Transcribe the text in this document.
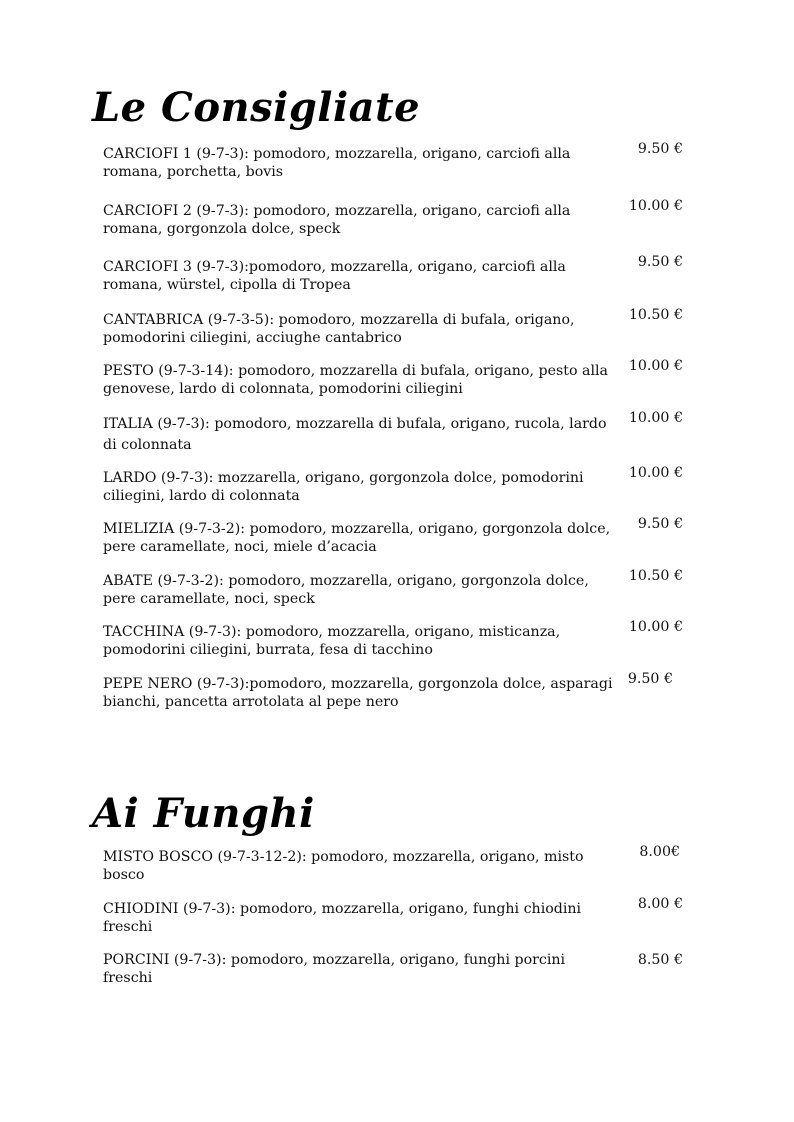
Le Consigliate
CARCIOFI 1 (9-7-3): pomodoro, mozzarella, origano, carciofi alla romana, porchetta, bovis
9.50 €
CARCIOFI 2 (9-7-3): pomodoro, mozzarella, origano, carciofi alla romana, gorgonzola dolce, speck
10.00 €
CARCIOFI 3 (9-7-3):pomodoro, mozzarella, origano, carciofi alla romana, würstel, cipolla di Tropea
9.50 €
CANTABRICA (9-7-3-5): pomodoro, mozzarella di bufala, origano, pomodorini ciliegini, acciughe cantabrico
10.50 €
PESTO (9-7-3-14): pomodoro, mozzarella di bufala, origano, pesto alla genovese, lardo di colonnata, pomodorini ciliegini
10.00 €
ITALIA (9-7-3): pomodoro, mozzarella di bufala, origano, rucola, lardo di colonnata
10.00 €
LARDO (9-7-3): mozzarella, origano, gorgonzola dolce, pomodorini ciliegini, lardo di colonnata
10.00 €
MIELIZIA (9-7-3-2): pomodoro, mozzarella, origano, gorgonzola dolce, pere caramellate, noci, miele d’acacia
9.50 €
ABATE (9-7-3-2): pomodoro, mozzarella, origano, gorgonzola dolce, pere caramellate, noci, speck
10.50 €
TACCHINA (9-7-3): pomodoro, mozzarella, origano, misticanza, pomodorini ciliegini, burrata, fesa di tacchino
10.00 €
PEPE NERO (9-7-3):pomodoro, mozzarella, gorgonzola dolce, asparagi bianchi, pancetta arrotolata al pepe nero
9.50 €
Ai Funghi
MISTO BOSCO (9-7-3-12-2): pomodoro, mozzarella, origano, misto bosco
8.00€
CHIODINI (9-7-3): pomodoro, mozzarella, origano, funghi chiodini freschi
8.00 €
PORCINI (9-7-3): pomodoro, mozzarella, origano, funghi porcini freschi
8.50 €
